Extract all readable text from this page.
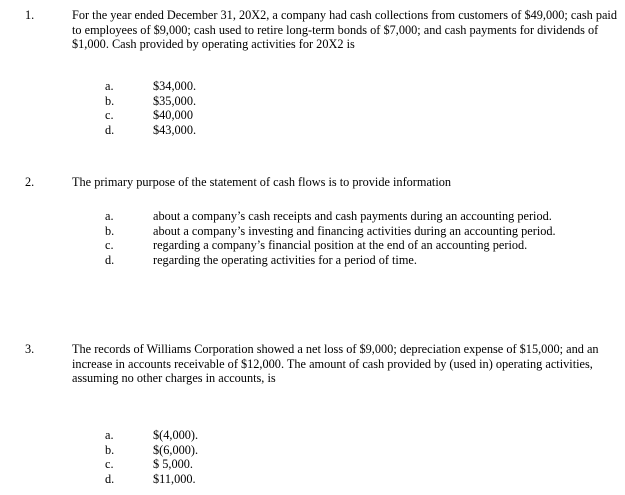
1.	For the year ended December 31, 20X2, a company had cash collections from customers of $49,000; cash paid to employees of $9,000; cash used to retire long-term bonds of $7,000; and cash payments for dividends of $1,000. Cash provided by operating activities for 20X2 is
a.	$34,000.
b.	$35,000.
c.	$40,000
d.	$43,000.
2.	The primary purpose of the statement of cash flows is to provide information
a.	about a company’s cash receipts and cash payments during an accounting period.
b.	about a company’s investing and financing activities during an accounting period.
c.	regarding a company’s financial position at the end of an accounting period.
d.	regarding the operating activities for a period of time.
3.	The records of Williams Corporation showed a net loss of $9,000; depreciation expense of $15,000; and an increase in accounts receivable of $12,000. The amount of cash provided by (used in) operating activities, assuming no other charges in accounts, is
a.	$(4,000).
b.	$(6,000).
c.	$ 5,000.
d.	$11,000.
